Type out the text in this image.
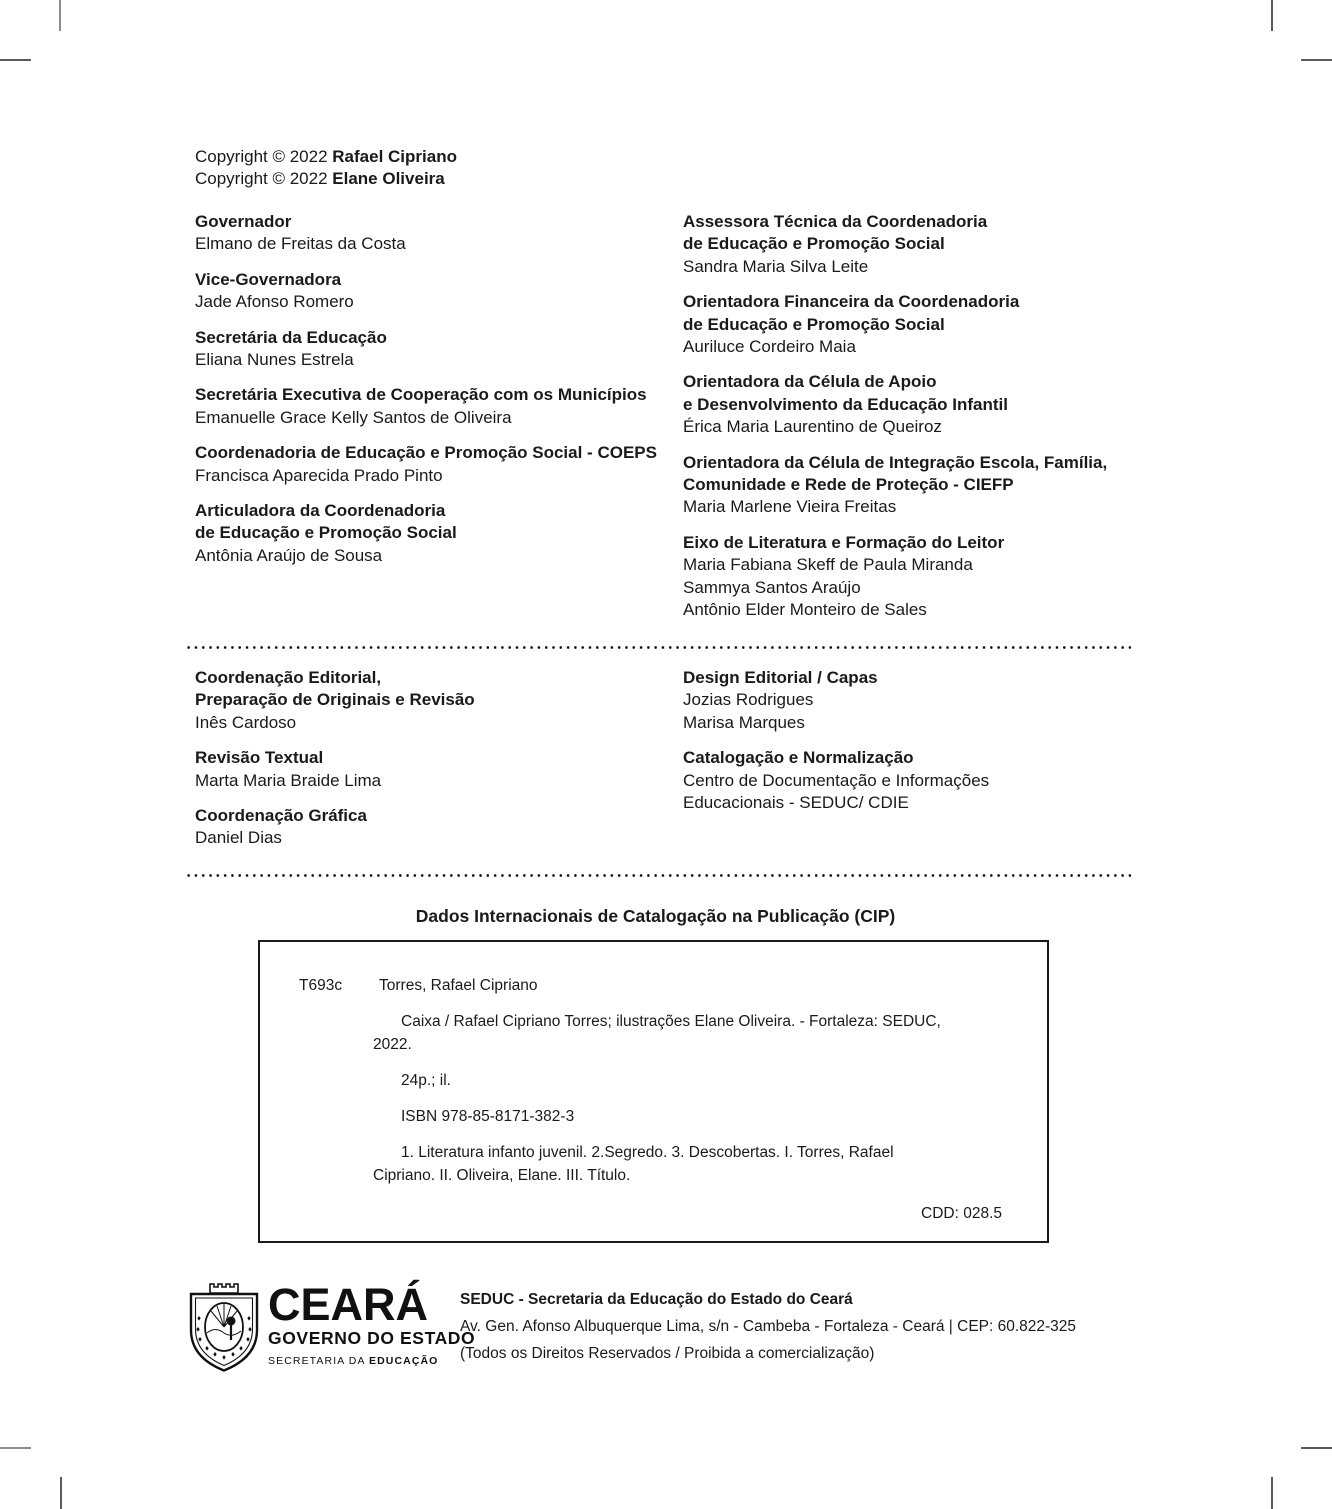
Copyright © 2022 Rafael Cipriano
Copyright © 2022 Elane Oliveira
Governador
Elmano de Freitas da Costa
Vice-Governadora
Jade Afonso Romero
Secretária da Educação
Eliana Nunes Estrela
Secretária Executiva de Cooperação com os Municípios
Emanuelle Grace Kelly Santos de Oliveira
Coordenadoria de Educação e Promoção Social - COEPS
Francisca Aparecida Prado Pinto
Articuladora da Coordenadoria
de Educação e Promoção Social
Antônia Araújo de Sousa
Assessora Técnica da Coordenadoria
de Educação e Promoção Social
Sandra Maria Silva Leite
Orientadora Financeira da Coordenadoria
de Educação e Promoção Social
Auriluce Cordeiro Maia
Orientadora da Célula de Apoio
e Desenvolvimento da Educação Infantil
Érica Maria Laurentino de Queiroz
Orientadora da Célula de Integração Escola, Família,
Comunidade e Rede de Proteção - CIEFP
Maria Marlene Vieira Freitas
Eixo de Literatura e Formação do Leitor
Maria Fabiana Skeff de Paula Miranda
Sammya Santos Araújo
Antônio Elder Monteiro de Sales
Coordenação Editorial,
Preparação de Originais e Revisão
Inês Cardoso
Revisão Textual
Marta Maria Braide Lima
Coordenação Gráfica
Daniel Dias
Design Editorial / Capas
Jozias Rodrigues
Marisa Marques
Catalogação e Normalização
Centro de Documentação e Informações
Educacionais - SEDUC/ CDIE
Dados Internacionais de Catalogação na Publicação (CIP)
T693c Torres, Rafael Cipriano
Caixa / Rafael Cipriano Torres; ilustrações Elane Oliveira. - Fortaleza: SEDUC,
2022.
24p.; il.
ISBN 978-85-8171-382-3
1. Literatura infanto juvenil. 2.Segredo. 3. Descobertas. I. Torres, Rafael
Cipriano. II. Oliveira, Elane. III. Título.
CDD: 028.5
CEARÁ
GOVERNO DO ESTADO
SECRETARIA DA EDUCAÇÃO
SEDUC - Secretaria da Educação do Estado do Ceará
Av. Gen. Afonso Albuquerque Lima, s/n - Cambeba - Fortaleza - Ceará | CEP: 60.822-325
(Todos os Direitos Reservados / Proibida a comercialização)
